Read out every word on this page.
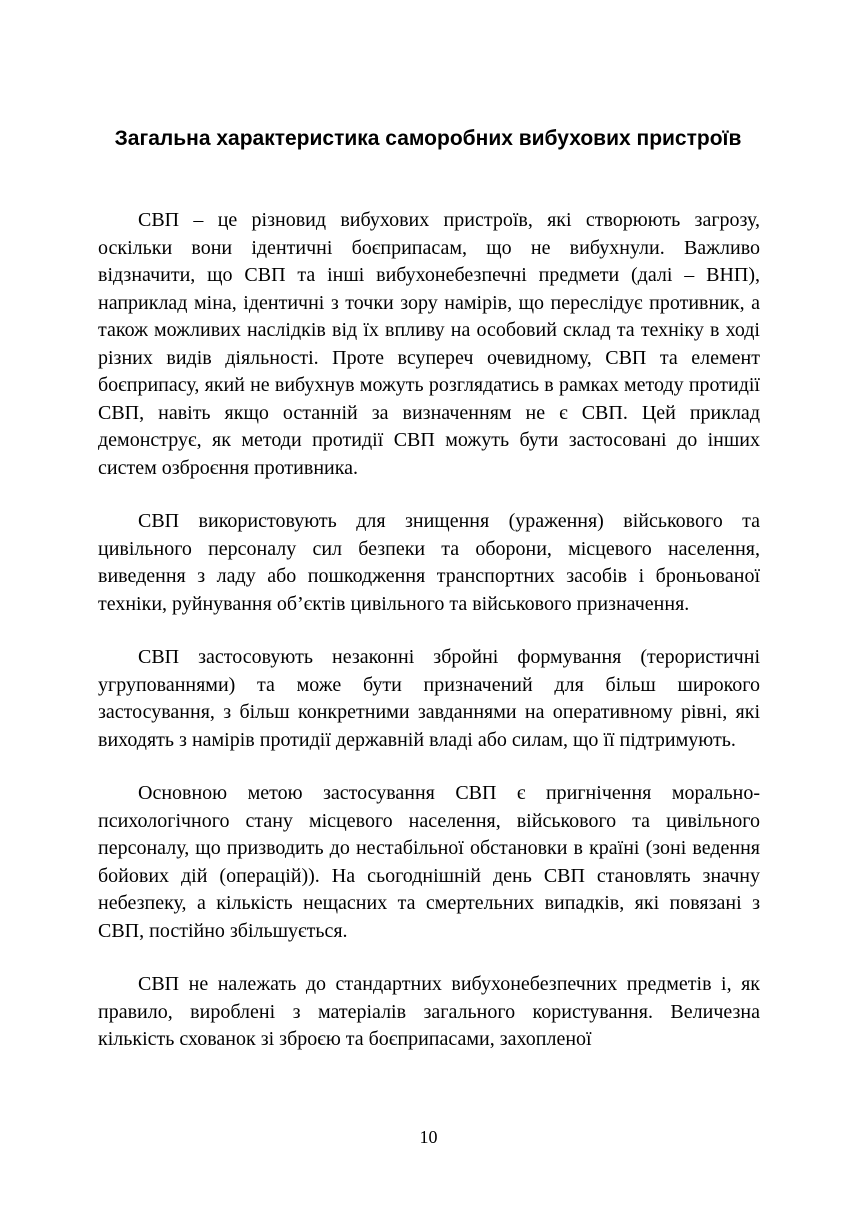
Загальна характеристика саморобних вибухових пристроїв

СВП – це різновид вибухових пристроїв, які створюють загрозу, оскільки вони ідентичні боєприпасам, що не вибухнули. Важливо відзначити, що СВП та інші вибухонебезпечні предмети (далі – ВНП), наприклад міна, ідентичні з точки зору намірів, що переслідує противник, а також можливих наслідків від їх впливу на особовий склад та техніку в ході різних видів діяльності. Проте всупереч очевидному, СВП та елемент боєприпасу, який не вибухнув можуть розглядатись в рамках методу протидії СВП, навіть якщо останній за визначенням не є СВП. Цей приклад демонструє, як методи протидії СВП можуть бути застосовані до інших систем озброєння противника.

СВП використовують для знищення (ураження) військового та цивільного персоналу сил безпеки та оборони, місцевого населення, виведення з ладу або пошкодження транспортних засобів і броньованої техніки, руйнування об’єктів цивільного та військового призначення.

СВП застосовують незаконні збройні формування (терористичні угрупованнями) та може бути призначений для більш широкого застосування, з більш конкретними завданнями на оперативному рівні, які виходять з намірів протидії державній владі або силам, що її підтримують.

Основною метою застосування СВП є пригнічення морально-психологічного стану місцевого населення, військового та цивільного персоналу, що призводить до нестабільної обстановки в країні (зоні ведення бойових дій (операцій)). На сьогоднішній день СВП становлять значну небезпеку, а кількість нещасних та смертельних випадків, які повязані з СВП, постійно збільшується.

СВП не належать до стандартних вибухонебезпечних предметів і, як правило, вироблені з матеріалів загального користування. Величезна кількість схованок зі зброєю та боєприпасами, захопленої

10
